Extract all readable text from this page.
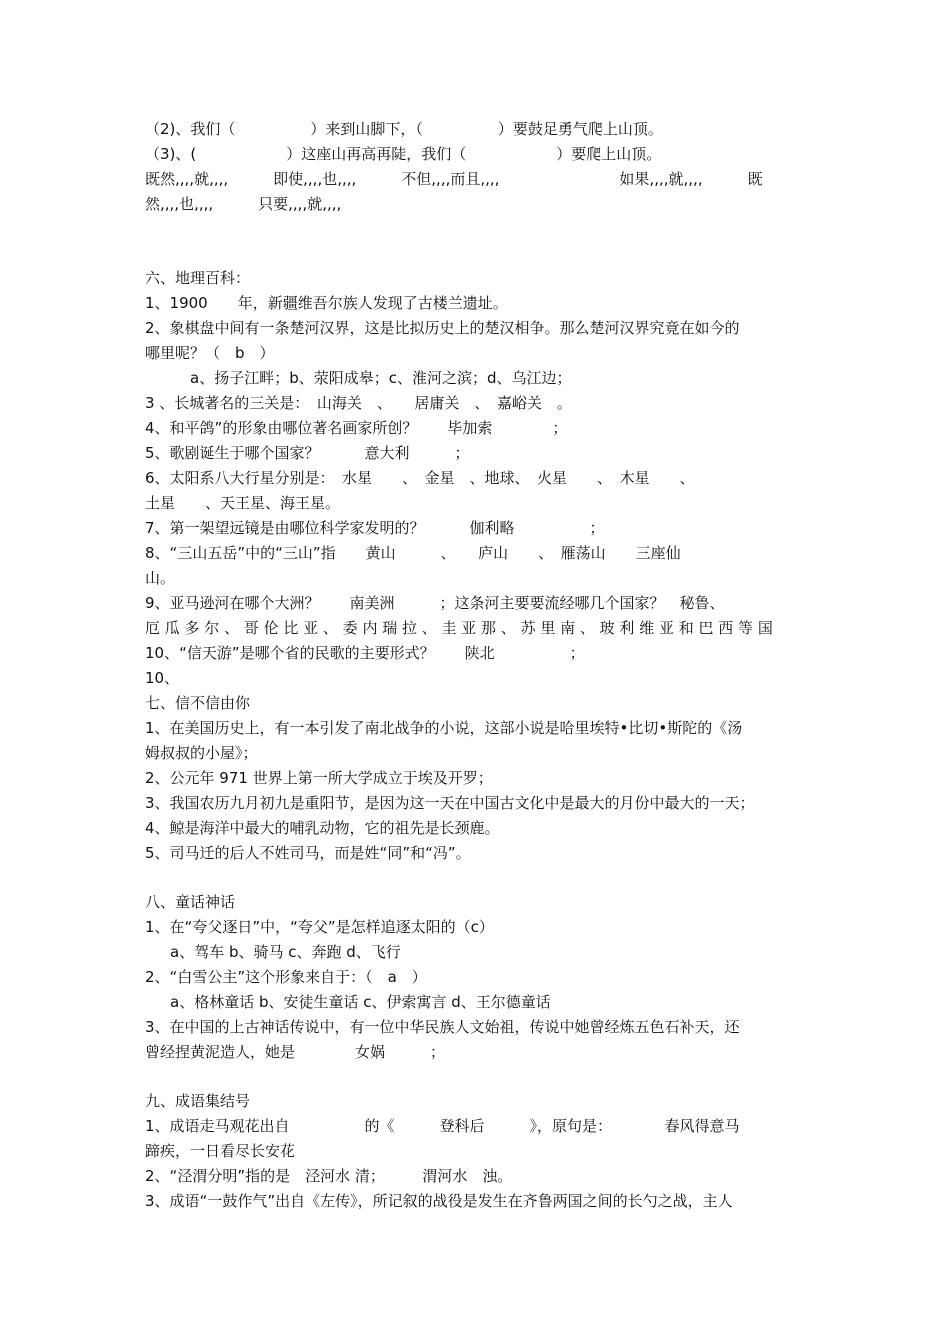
（2)、我们（　　　　　）来到山脚下，（　　　　　）要鼓足勇气爬上山顶。
（3)、(　　　　　　）这座山再高再陡，我们（　　　　　　）要爬上山顶。
既然,,,,就,,,,　　　即使,,,,也,,,,　　　不但,,,,而且,,,,　　　　　　　　如果,,,,就,,,,　　　既
然,,,,也,,,,　　　只要,,,,就,,,,
六、地理百科：
1、1900　　年，新疆维吾尔族人发现了古楼兰遗址。
2、象棋盘中间有一条楚河汉界，这是比拟历史上的楚汉相争。那么楚河汉界究竟在如今的
哪里呢？（　b　）
a、扬子江畔；b、荥阳成皋；c、淮河之滨；d、乌江边；
3 、长城著名的三关是：　山海关　、　　居庸关　、　嘉峪关　。
4、和平鸽”的形象由哪位著名画家所创？　　毕加索　　　　；
5、歌剧诞生于哪个国家？　　　意大利　　　；
6、太阳系八大行星分别是：　水星　　、　金星　、地球、　火星　　、　木星　　、
土星　　、天王星、海王星。
7、第一架望远镜是由哪位科学家发明的？　　　伽利略　　　　　；
8、“三山五岳”中的“三山”指　　黄山　　　、　　庐山　　、　雁荡山　　三座仙
山。
9、亚马逊河在哪个大洲？　　南美洲　　　；这条河主要要流经哪几个国家？　秘鲁、
厄 瓜 多 尔 、 哥 伦 比 亚 、 委 内 瑞 拉 、 圭 亚 那 、 苏 里 南 、 玻 利 维 亚 和 巴 西 等 国
10、“信天游”是哪个省的民歌的主要形式？　　陕北　　　　　；
10、
七、信不信由你
1、在美国历史上，有一本引发了南北战争的小说，这部小说是哈里埃特•比切•斯陀的《汤
姆叔叔的小屋》；
2、公元年 971 世界上第一所大学成立于埃及开罗；
3、我国农历九月初九是重阳节，是因为这一天在中国古文化中是最大的月份中最大的一天；
4、鲸是海洋中最大的哺乳动物，它的祖先是长颈鹿。
5、司马迁的后人不姓司马，而是姓“同”和“冯”。
八、童话神话
1、在“夸父逐日”中，“夸父”是怎样追逐太阳的（c）
a、驾车 b、骑马 c、奔跑 d、飞行
2、“白雪公主”这个形象来自于：（　a　）
a、格林童话 b、安徒生童话 c、伊索寓言 d、王尔德童话
3、在中国的上古神话传说中，有一位中华民族人文始祖，传说中她曾经炼五色石补天，还
曾经捏黄泥造人，她是　　　　女娲　　　；
九、成语集结号
1、成语走马观花出自　　　　　的《　　　登科后　　　》，原句是：　　　　春风得意马
蹄疾，一日看尽长安花
2、“泾渭分明”指的是　泾河水 清；　　　渭河水　浊。
3、成语“一鼓作气”出自《左传》，所记叙的战役是发生在齐鲁两国之间的长勺之战，主人
